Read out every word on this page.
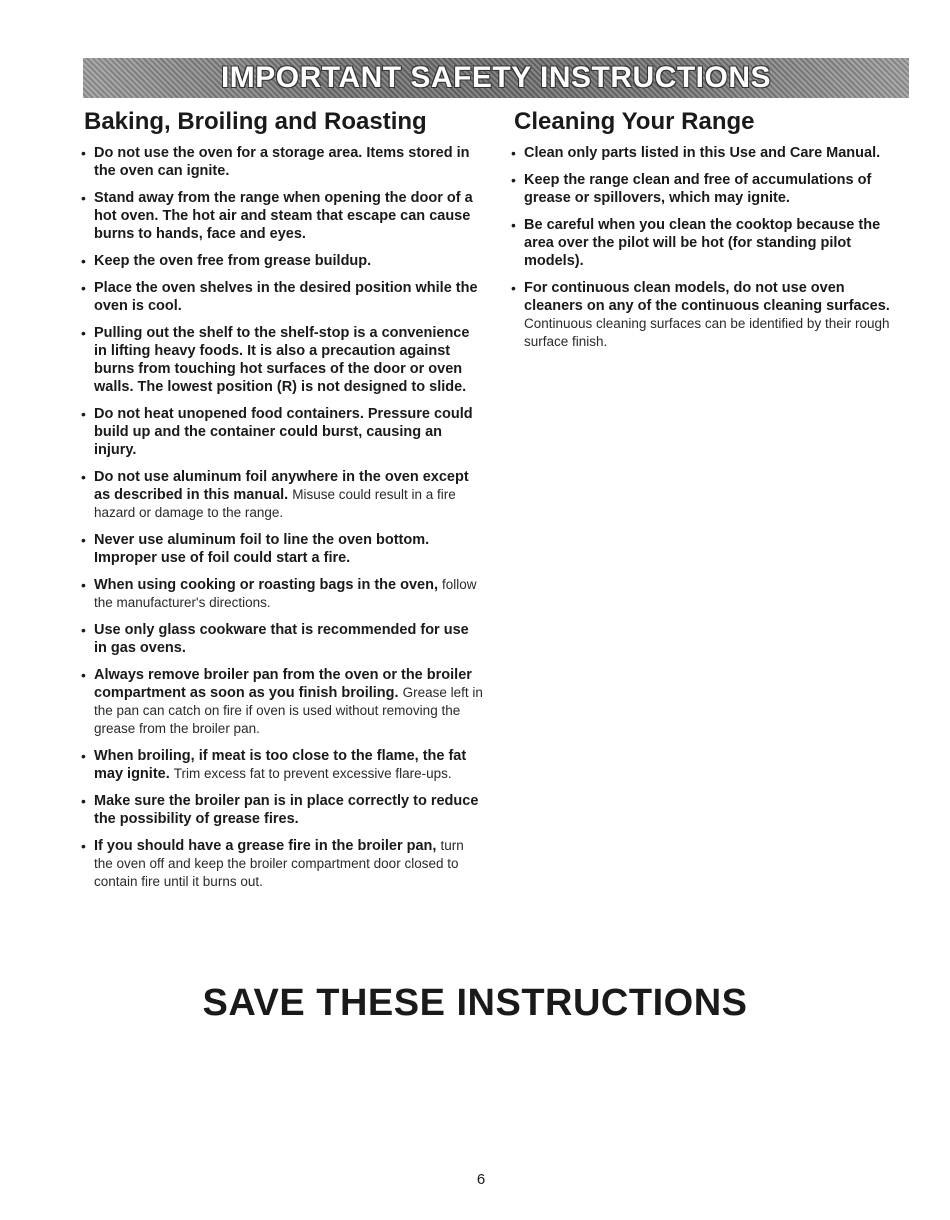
IMPORTANT SAFETY INSTRUCTIONS
Baking, Broiling and Roasting
• Do not use the oven for a storage area. Items stored in the oven can ignite.
• Stand away from the range when opening the door of a hot oven. The hot air and steam that escape can cause burns to hands, face and eyes.
• Keep the oven free from grease buildup.
• Place the oven shelves in the desired position while the oven is cool.
• Pulling out the shelf to the shelf-stop is a convenience in lifting heavy foods. It is also a precaution against burns from touching hot surfaces of the door or oven walls. The lowest position (R) is not designed to slide.
• Do not heat unopened food containers. Pressure could build up and the container could burst, causing an injury.
• Do not use aluminum foil anywhere in the oven except as described in this manual. Misuse could result in a fire hazard or damage to the range.
• Never use aluminum foil to line the oven bottom. Improper use of foil could start a fire.
• When using cooking or roasting bags in the oven, follow the manufacturer's directions.
• Use only glass cookware that is recommended for use in gas ovens.
• Always remove broiler pan from the oven or the broiler compartment as soon as you finish broiling. Grease left in the pan can catch on fire if oven is used without removing the grease from the broiler pan.
• When broiling, if meat is too close to the flame, the fat may ignite. Trim excess fat to prevent excessive flare-ups.
• Make sure the broiler pan is in place correctly to reduce the possibility of grease fires.
• If you should have a grease fire in the broiler pan, turn the oven off and keep the broiler compartment door closed to contain fire until it burns out.
Cleaning Your Range
• Clean only parts listed in this Use and Care Manual.
• Keep the range clean and free of accumulations of grease or spillovers, which may ignite.
• Be careful when you clean the cooktop because the area over the pilot will be hot (for standing pilot models).
• For continuous clean models, do not use oven cleaners on any of the continuous cleaning surfaces. Continuous cleaning surfaces can be identified by their rough surface finish.
SAVE THESE INSTRUCTIONS
6
